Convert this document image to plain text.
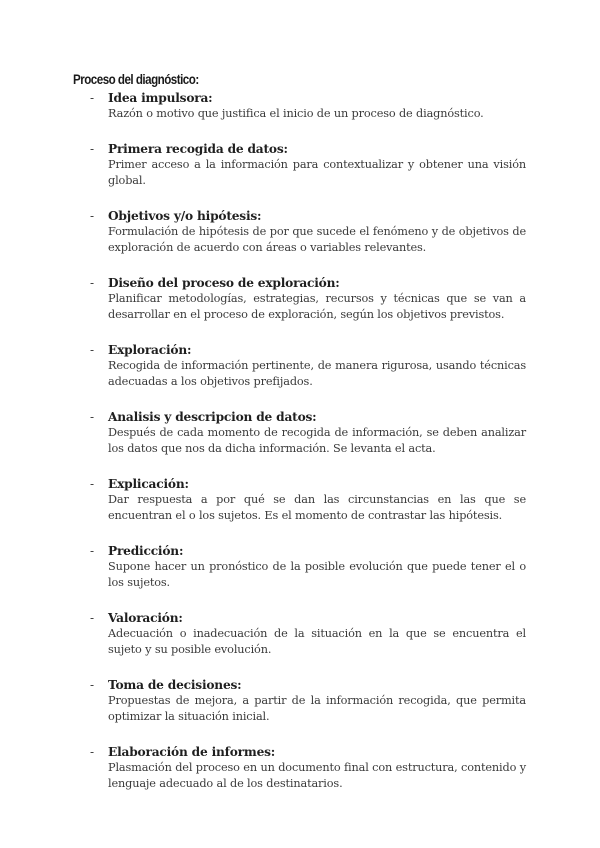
Proceso del diagnóstico:
- Idea impulsora:
Razón o motivo que justifica el inicio de un proceso de diagnóstico.
- Primera recogida de datos:
Primer acceso a la información para contextualizar y obtener una visión global.
- Objetivos y/o hipótesis:
Formulación de hipótesis de por que sucede el fenómeno y de objetivos de exploración de acuerdo con áreas o variables relevantes.
- Diseño del proceso de exploración:
Planificar metodologías, estrategias, recursos y técnicas que se van a desarrollar en el proceso de exploración, según los objetivos previstos.
- Exploración:
Recogida de información pertinente, de manera rigurosa, usando técnicas adecuadas a los objetivos prefijados.
- Analisis y descripcion de datos:
Después de cada momento de recogida de información, se deben analizar los datos que nos da dicha información. Se levanta el acta.
- Explicación:
Dar respuesta a por qué se dan las circunstancias en las que se encuentran el o los sujetos. Es el momento de contrastar las hipótesis.
- Predicción:
Supone hacer un pronóstico de la posible evolución que puede tener el o los sujetos.
- Valoración:
Adecuación o inadecuación de la situación en la que se encuentra el sujeto y su posible evolución.
- Toma de decisiones:
Propuestas de mejora, a partir de la información recogida, que permita optimizar la situación inicial.
- Elaboración de informes:
Plasmación del proceso en un documento final con estructura, contenido y lenguaje adecuado al de los destinatarios.
